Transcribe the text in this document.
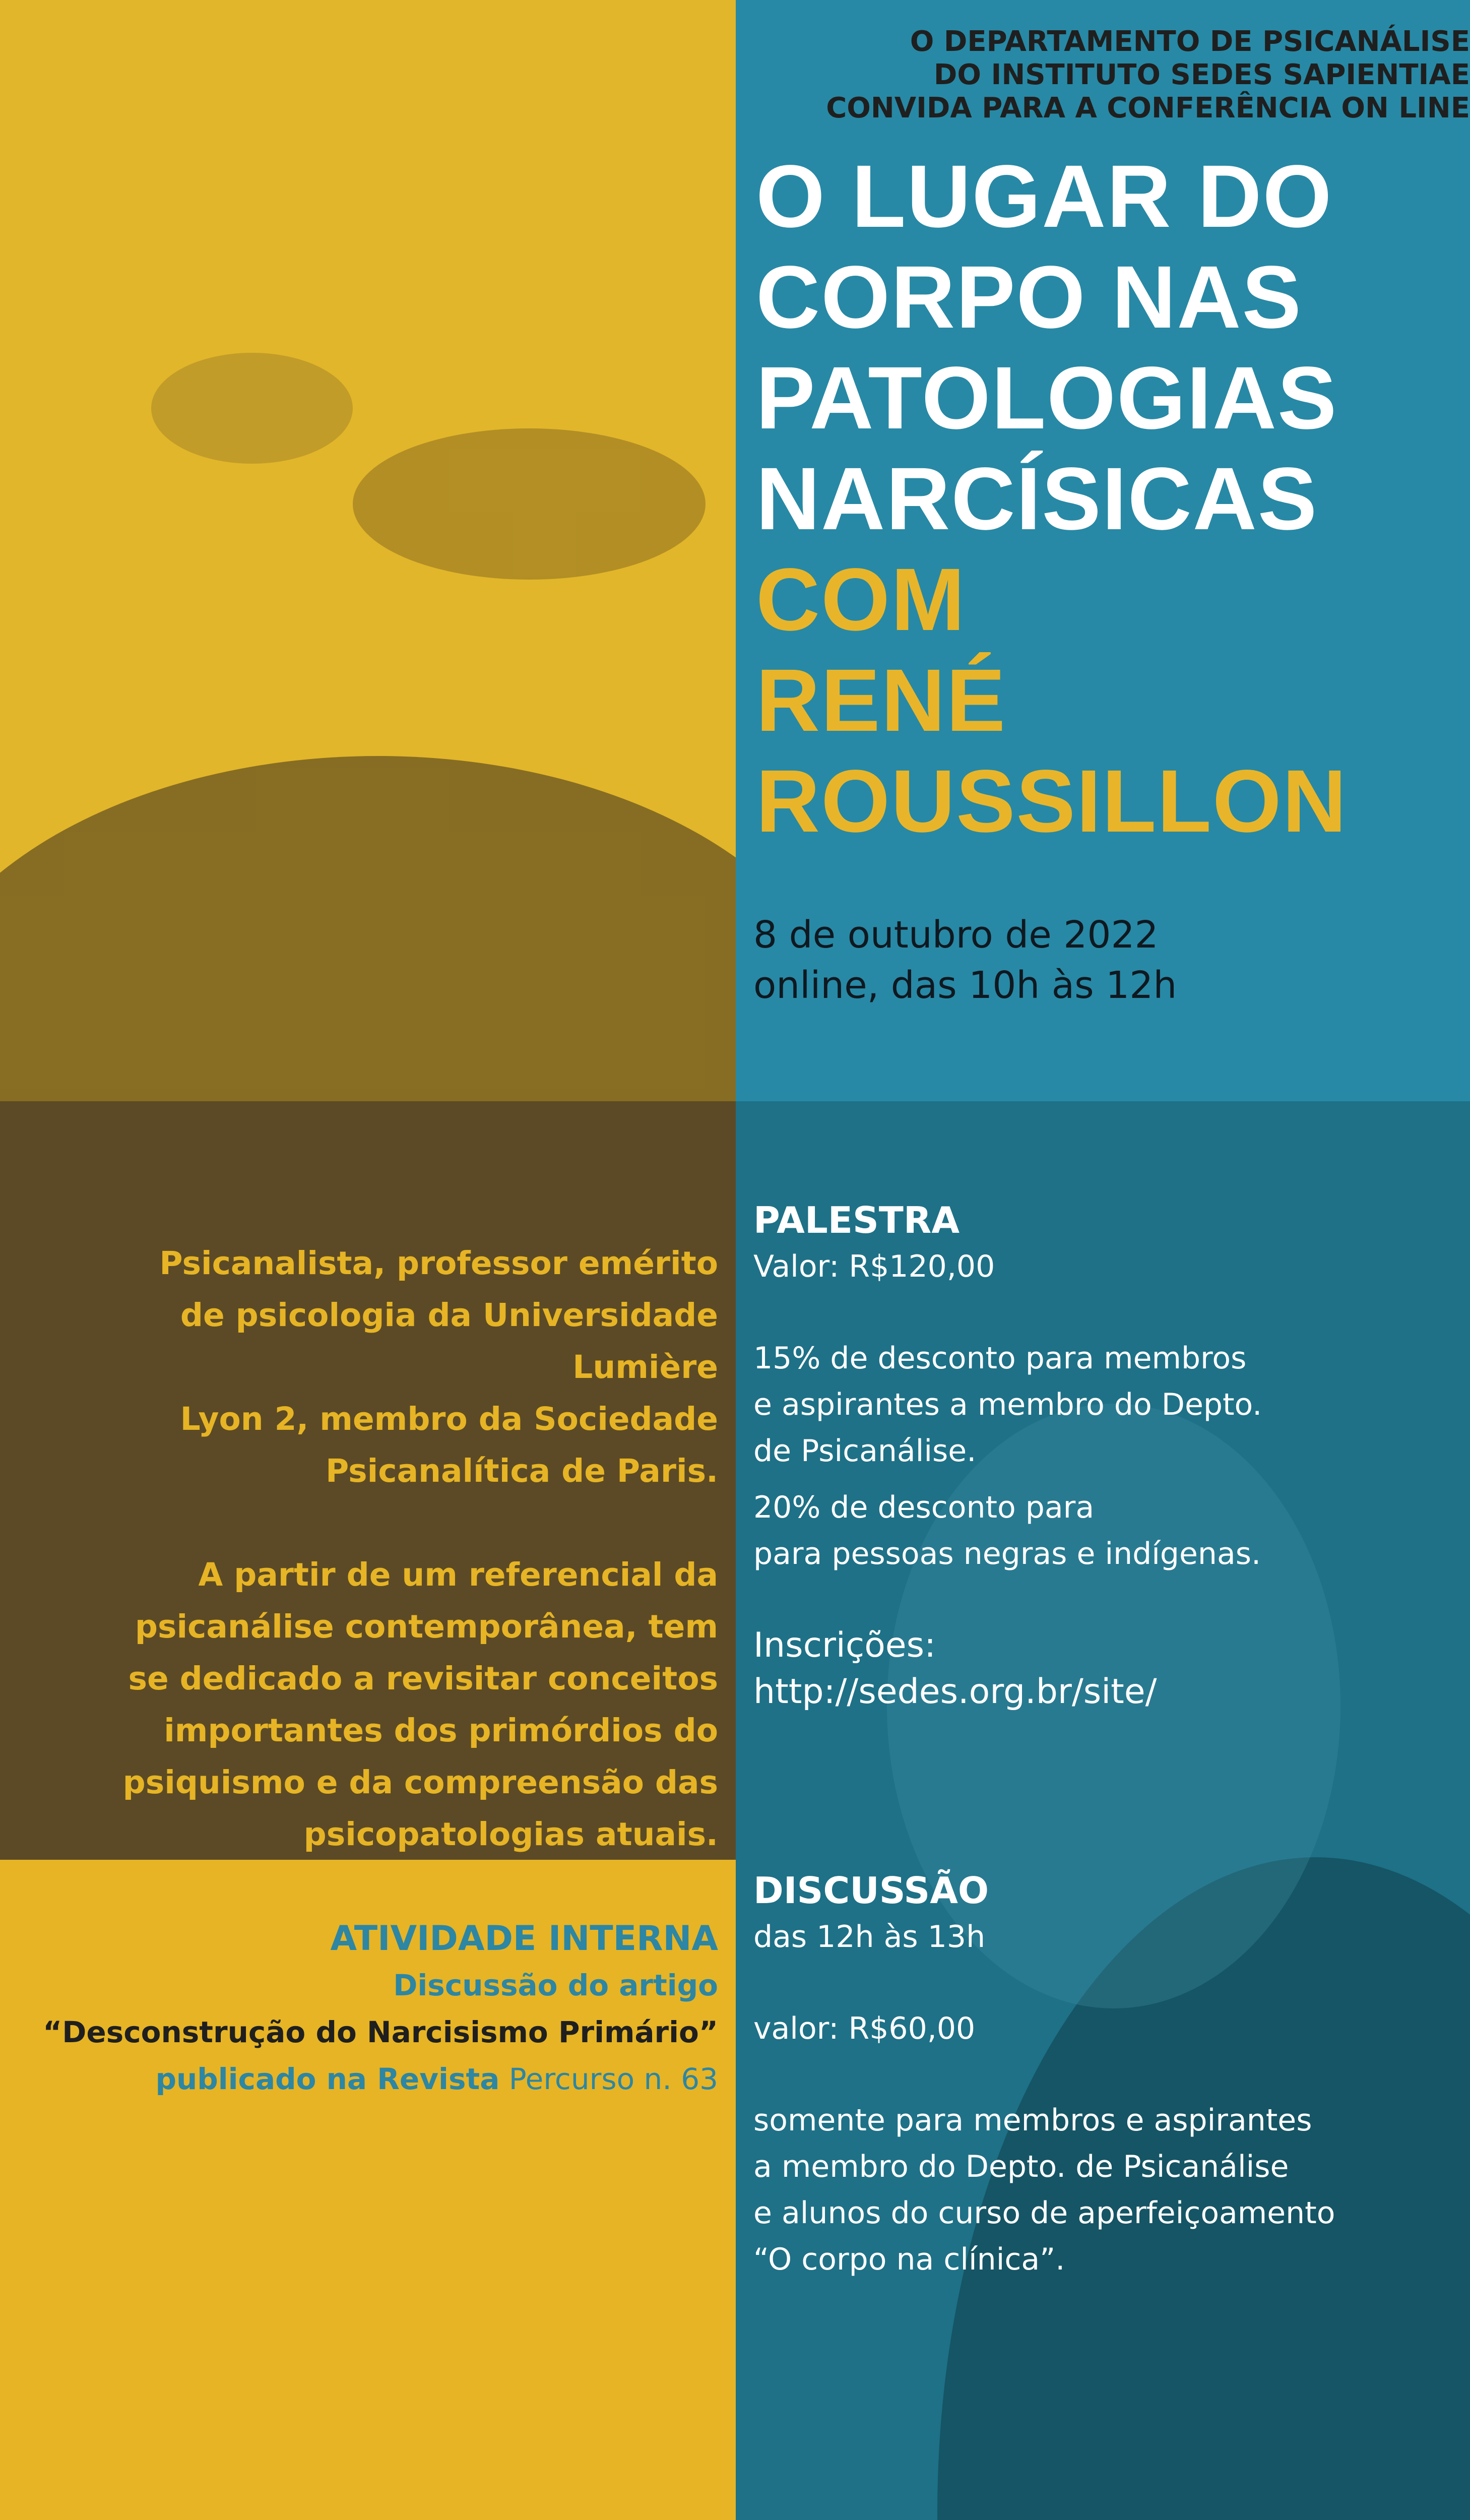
O DEPARTAMENTO DE PSICANÁLISE
DO INSTITUTO SEDES SAPIENTIAE
CONVIDA PARA A CONFERÊNCIA ON LINE
O LUGAR DO
CORPO NAS
PATOLOGIAS
NARCÍSICAS
COM
RENÉ
ROUSSILLON
8 de outubro de 2022
online, das 10h às 12h
PALESTRA
Valor: R$120,00
15% de desconto para membros
e aspirantes a membro do Depto.
de Psicanálise.
20% de desconto para
para pessoas negras e indígenas.
Inscrições:
http://sedes.org.br/site/
DISCUSSÃO
das 12h às 13h
valor: R$60,00
somente para membros e aspirantes
a membro do Depto. de Psicanálise
e alunos do curso de aperfeiçoamento
“O corpo na clínica”.
Psicanalista, professor emérito
de psicologia da Universidade Lumière
Lyon 2, membro da Sociedade
Psicanalítica de Paris.
A partir de um referencial da
psicanálise contemporânea, tem
se dedicado a revisitar conceitos
importantes dos primórdios do
psiquismo e da compreensão das
psicopatologias atuais.
ATIVIDADE INTERNA
Discussão do artigo
“Desconstrução do Narcisismo Primário”
publicado na Revista Percurso n. 63
